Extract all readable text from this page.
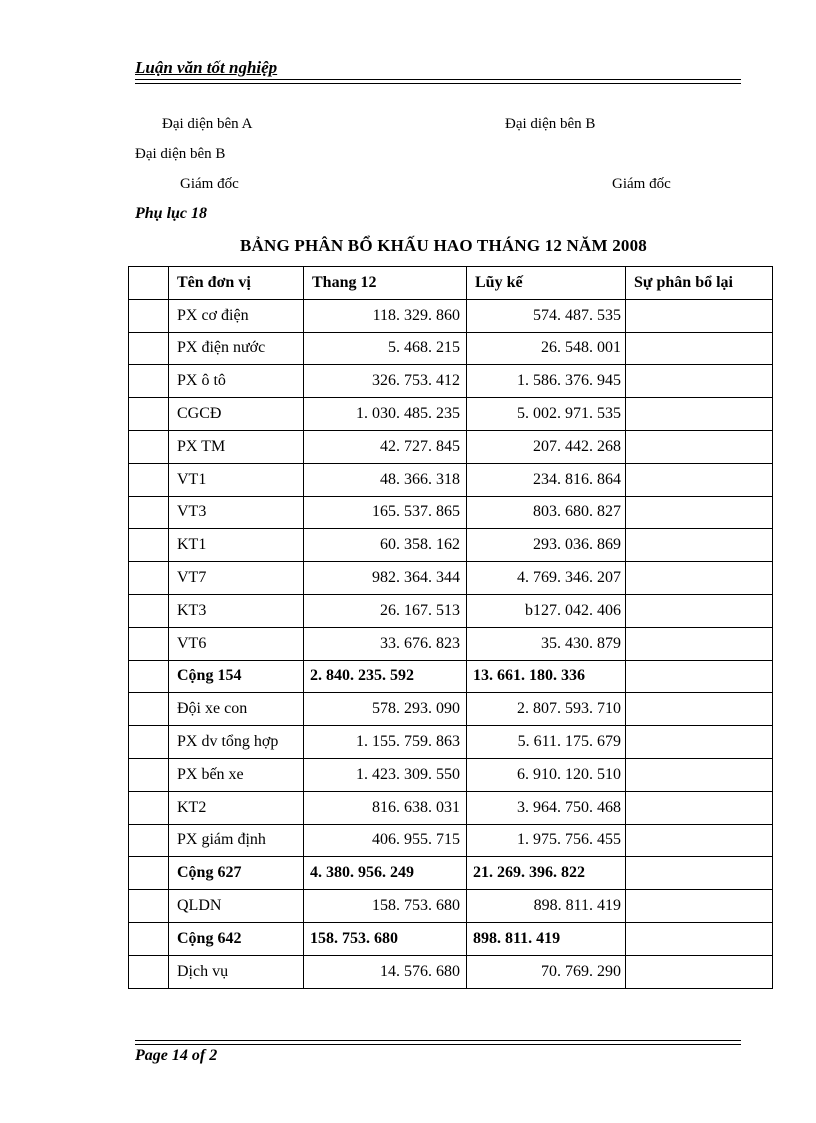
Luận văn tốt nghiệp
Đại diện bên A	Đại diện bên B
Đại diện bên B
Giám đốc	Giám đốc
Phụ lục 18
BẢNG PHÂN BỔ KHẤU HAO THÁNG 12 NĂM 2008
	Tên đơn vị	Thang 12	Lũy kế	Sự phân bổ lại
	PX cơ điện	118. 329. 860	574. 487. 535	
	PX điện nước	5. 468. 215	26. 548. 001	
	PX ô tô	326. 753. 412	1. 586. 376. 945	
	CGCĐ	1. 030. 485. 235	5. 002. 971. 535	
	PX TM	42. 727. 845	207. 442. 268	
	VT1	48. 366. 318	234. 816. 864	
	VT3	165. 537. 865	803. 680. 827	
	KT1	60. 358. 162	293. 036. 869	
	VT7	982. 364. 344	4. 769. 346. 207	
	KT3	26. 167. 513	b127. 042. 406	
	VT6	33. 676. 823	35. 430. 879	
	Cộng 154	2. 840. 235. 592	13. 661. 180. 336	
	Đội xe con	578. 293. 090	2. 807. 593. 710	
	PX dv tổng hợp	1. 155. 759. 863	5. 611. 175. 679	
	PX bến xe	1. 423. 309. 550	6. 910. 120. 510	
	KT2	816. 638. 031	3. 964. 750. 468	
	PX giám định	406. 955. 715	1. 975. 756. 455	
	Cộng 627	4. 380. 956. 249	21. 269. 396. 822	
	QLDN	158. 753. 680	898. 811. 419	
	Cộng 642	158. 753. 680	898. 811. 419	
	Dịch vụ	14. 576. 680	70. 769. 290	
Page 14 of 2
